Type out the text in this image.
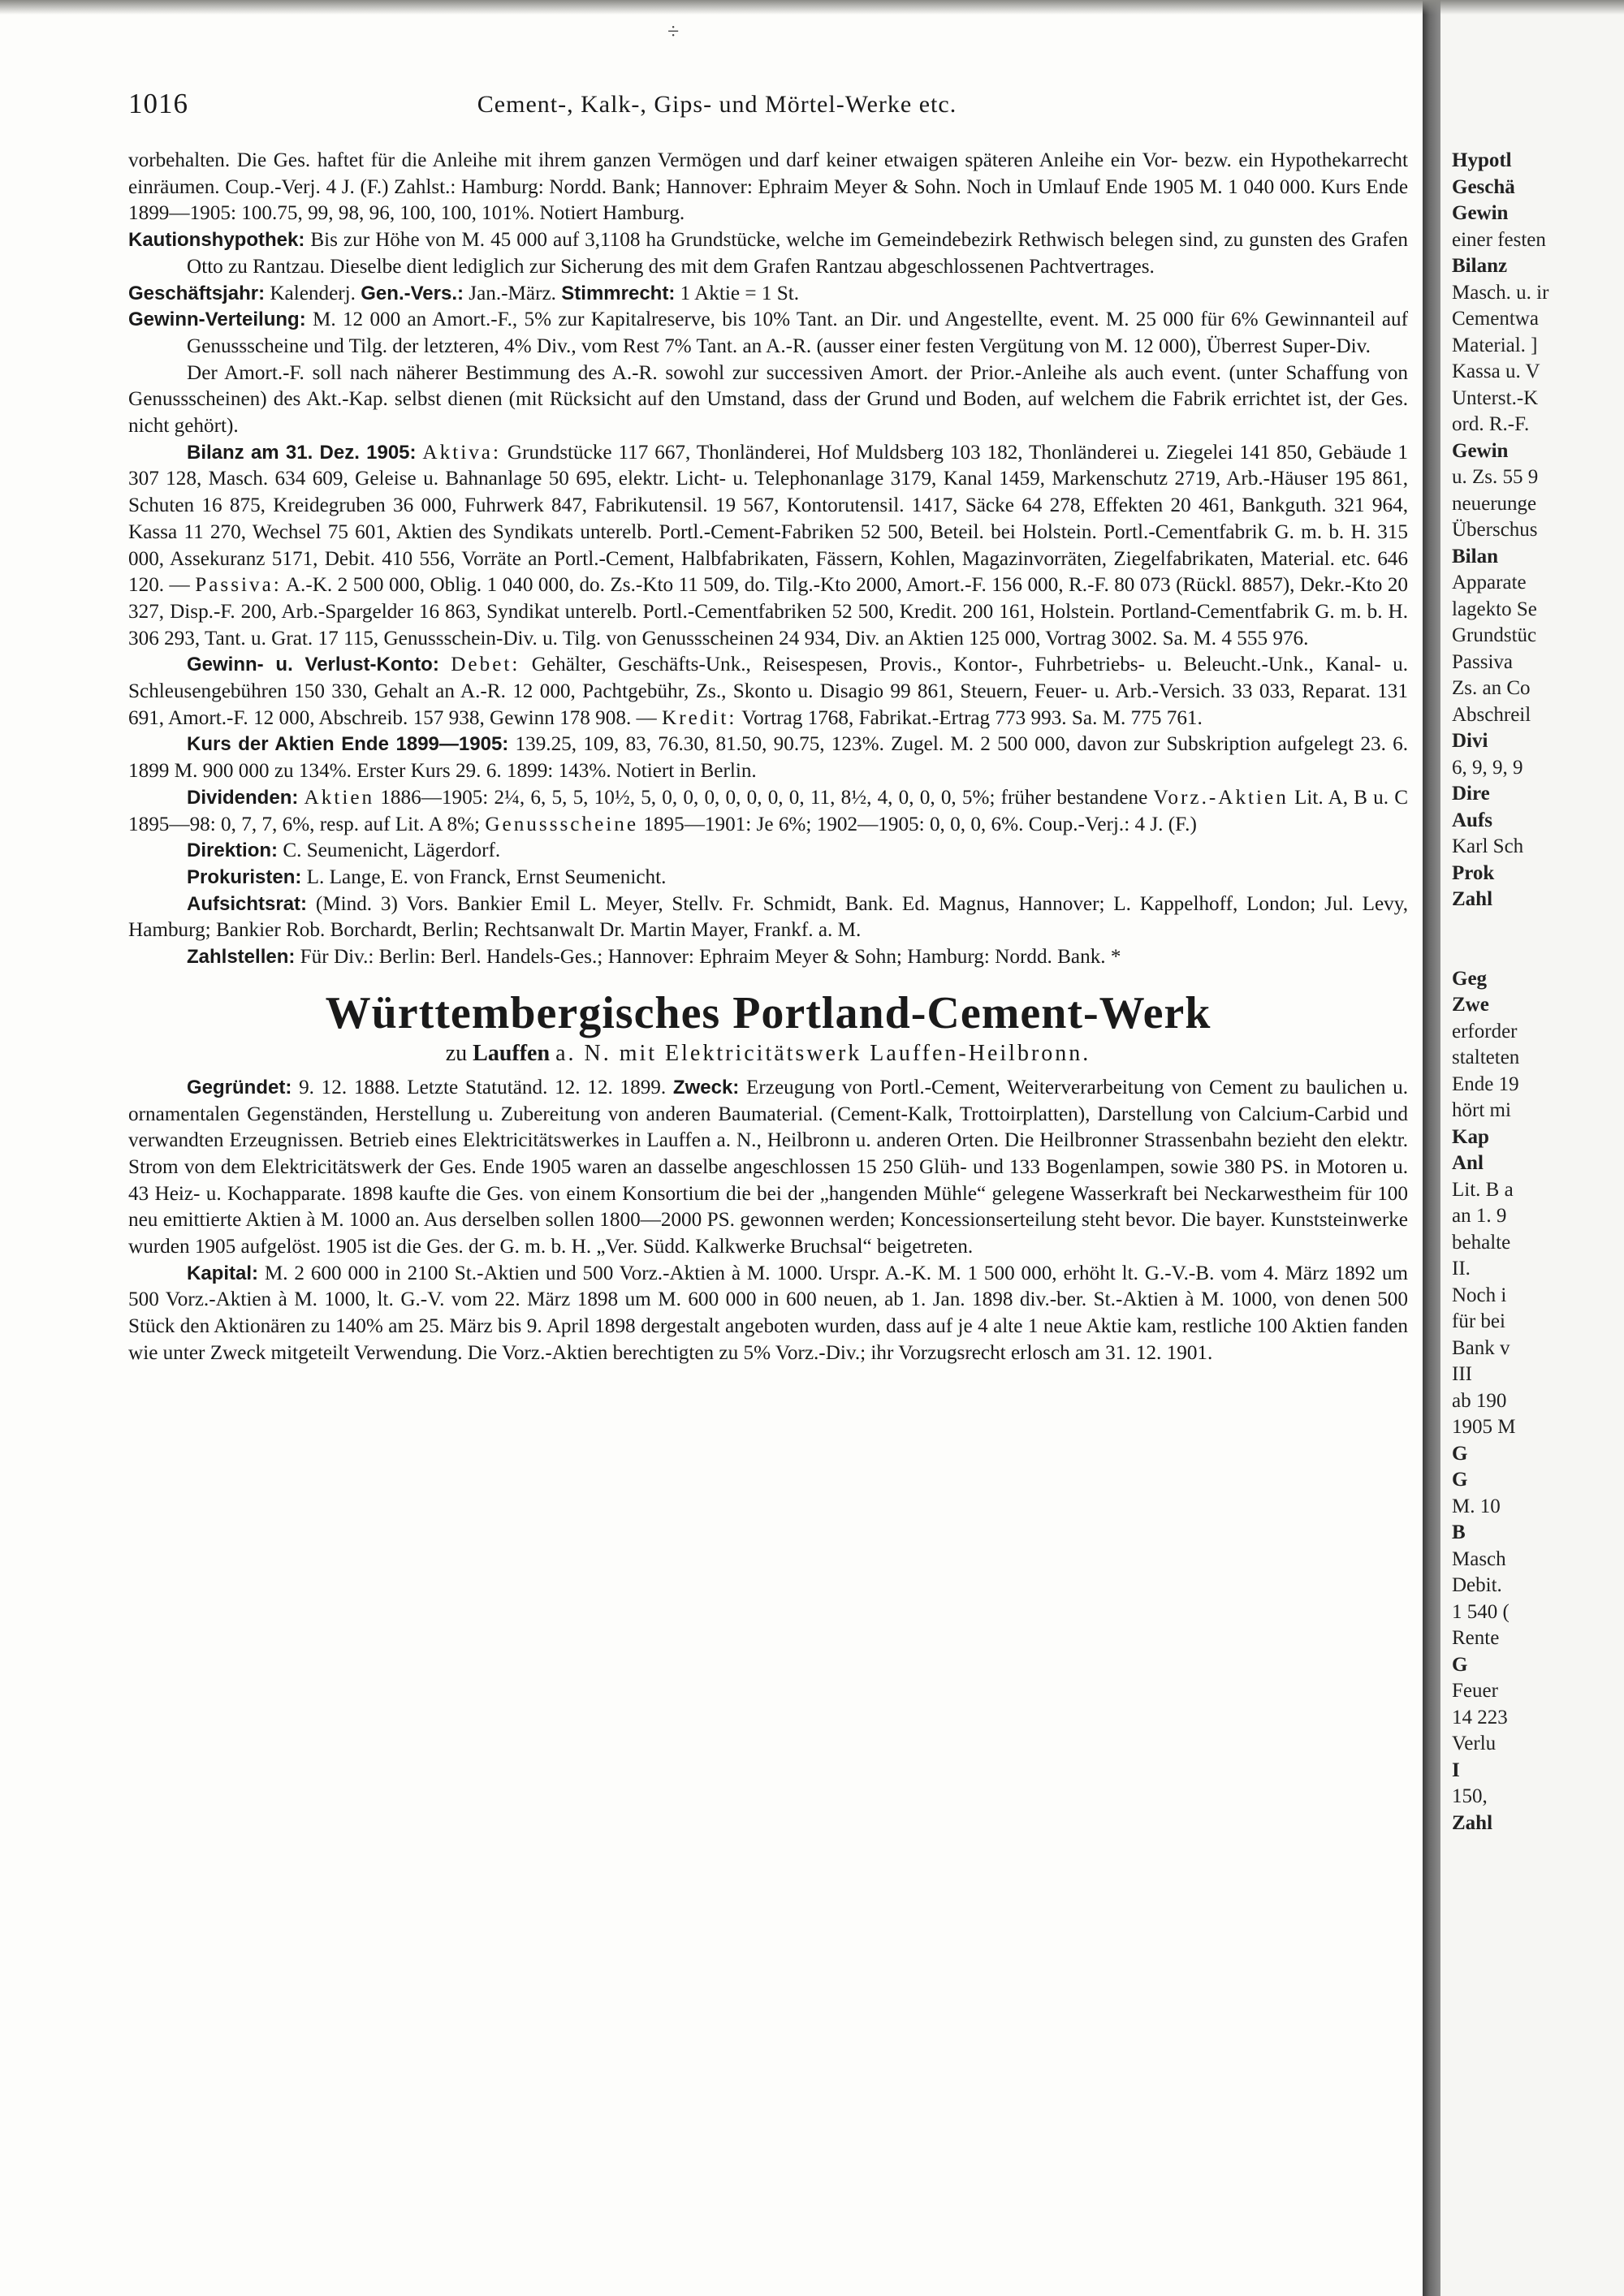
÷
1016	Cement-, Kalk-, Gips- und Mörtel-Werke etc.

vorbehalten. Die Ges. haftet für die Anleihe mit ihrem ganzen Vermögen und darf keiner etwaigen späteren Anleihe ein Vor- bezw. ein Hypothekarrecht einräumen. Coup.-Verj. 4 J. (F.) Zahlst.: Hamburg: Nordd. Bank; Hannover: Ephraim Meyer & Sohn. Noch in Umlauf Ende 1905 M. 1 040 000. Kurs Ende 1899—1905: 100.75, 99, 98, 96, 100, 100, 101%. Notiert Hamburg.

Kautionshypothek: Bis zur Höhe von M. 45 000 auf 3,1108 ha Grundstücke, welche im Gemeindebezirk Rethwisch belegen sind, zu gunsten des Grafen Otto zu Rantzau. Dieselbe dient lediglich zur Sicherung des mit dem Grafen Rantzau abgeschlossenen Pachtvertrages.

Geschäftsjahr: Kalenderj. Gen.-Vers.: Jan.-März. Stimmrecht: 1 Aktie = 1 St.

Gewinn-Verteilung: M. 12 000 an Amort.-F., 5% zur Kapitalreserve, bis 10% Tant. an Dir. und Angestellte, event. M. 25 000 für 6% Gewinnanteil auf Genussscheine und Tilg. der letzteren, 4% Div., vom Rest 7% Tant. an A.-R. (ausser einer festen Vergütung von M. 12 000), Überrest Super-Div.

Der Amort.-F. soll nach näherer Bestimmung des A.-R. sowohl zur successiven Amort. der Prior.-Anleihe als auch event. (unter Schaffung von Genussscheinen) des Akt.-Kap. selbst dienen (mit Rücksicht auf den Umstand, dass der Grund und Boden, auf welchem die Fabrik errichtet ist, der Ges. nicht gehört).

Bilanz am 31. Dez. 1905: Aktiva: Grundstücke 117 667, Thonländerei, Hof Muldsberg 103 182, Thonländerei u. Ziegelei 141 850, Gebäude 1 307 128, Masch. 634 609, Geleise u. Bahnanlage 50 695, elektr. Licht- u. Telephonanlage 3179, Kanal 1459, Markenschutz 2719, Arb.-Häuser 195 861, Schuten 16 875, Kreidegruben 36 000, Fuhrwerk 847, Fabrikutensil. 19 567, Kontorutensil. 1417, Säcke 64 278, Effekten 20 461, Bankguth. 321 964, Kassa 11 270, Wechsel 75 601, Aktien des Syndikats unterelb. Portl.-Cement-Fabriken 52 500, Beteil. bei Holstein. Portl.-Cementfabrik G. m. b. H. 315 000, Assekuranz 5171, Debit. 410 556, Vorräte an Portl.-Cement, Halbfabrikaten, Fässern, Kohlen, Magazinvorräten, Ziegelfabrikaten, Material. etc. 646 120. — Passiva: A.-K. 2 500 000, Oblig. 1 040 000, do. Zs.-Kto 11 509, do. Tilg.-Kto 2000, Amort.-F. 156 000, R.-F. 80 073 (Rückl. 8857), Dekr.-Kto 20 327, Disp.-F. 200, Arb.-Spargelder 16 863, Syndikat unterelb. Portl.-Cementfabriken 52 500, Kredit. 200 161, Holstein. Portland-Cementfabrik G. m. b. H. 306 293, Tant. u. Grat. 17 115, Genussschein-Div. u. Tilg. von Genussscheinen 24 934, Div. an Aktien 125 000, Vortrag 3002. Sa. M. 4 555 976.

Gewinn- u. Verlust-Konto: Debet: Gehälter, Geschäfts-Unk., Reisespesen, Provis., Kontor-, Fuhrbetriebs- u. Beleucht.-Unk., Kanal- u. Schleusengebühren 150 330, Gehalt an A.-R. 12 000, Pachtgebühr, Zs., Skonto u. Disagio 99 861, Steuern, Feuer- u. Arb.-Versich. 33 033, Reparat. 131 691, Amort.-F. 12 000, Abschreib. 157 938, Gewinn 178 908. — Kredit: Vortrag 1768, Fabrikat.-Ertrag 773 993. Sa. M. 775 761.

Kurs der Aktien Ende 1899—1905: 139.25, 109, 83, 76.30, 81.50, 90.75, 123%. Zugel. M. 2 500 000, davon zur Subskription aufgelegt 23. 6. 1899 M. 900 000 zu 134%. Erster Kurs 29. 6. 1899: 143%. Notiert in Berlin.

Dividenden: Aktien 1886—1905: 2¼, 6, 5, 5, 10½, 5, 0, 0, 0, 0, 0, 0, 0, 11, 8½, 4, 0, 0, 0, 5%; früher bestandene Vorz.-Aktien Lit. A, B u. C 1895—98: 0, 7, 7, 6%, resp. auf Lit. A 8%; Genussscheine 1895—1901: Je 6%; 1902—1905: 0, 0, 0, 6%. Coup.-Verj.: 4 J. (F.)

Direktion: C. Seumenicht, Lägerdorf.

Prokuristen: L. Lange, E. von Franck, Ernst Seumenicht.

Aufsichtsrat: (Mind. 3) Vors. Bankier Emil L. Meyer, Stellv. Fr. Schmidt, Bank. Ed. Magnus, Hannover; L. Kappelhoff, London; Jul. Levy, Hamburg; Bankier Rob. Borchardt, Berlin; Rechtsanwalt Dr. Martin Mayer, Frankf. a. M.

Zahlstellen: Für Div.: Berlin: Berl. Handels-Ges.; Hannover: Ephraim Meyer & Sohn; Hamburg: Nordd. Bank. *

Württembergisches Portland-Cement-Werk
zu Lauffen a. N. mit Elektricitätswerk Lauffen-Heilbronn.

Gegründet: 9. 12. 1888. Letzte Statutänd. 12. 12. 1899. Zweck: Erzeugung von Portl.-Cement, Weiterverarbeitung von Cement zu baulichen u. ornamentalen Gegenständen, Herstellung u. Zubereitung von anderen Baumaterial. (Cement-Kalk, Trottoirplatten), Darstellung von Calcium-Carbid und verwandten Erzeugnissen. Betrieb eines Elektricitätswerkes in Lauffen a. N., Heilbronn u. anderen Orten. Die Heilbronner Strassenbahn bezieht den elektr. Strom von dem Elektricitätswerk der Ges. Ende 1905 waren an dasselbe angeschlossen 15 250 Glüh- und 133 Bogenlampen, sowie 380 PS. in Motoren u. 43 Heiz- u. Kochapparate. 1898 kaufte die Ges. von einem Konsortium die bei der „hangenden Mühle“ gelegene Wasserkraft bei Neckarwestheim für 100 neu emittierte Aktien à M. 1000 an. Aus derselben sollen 1800—2000 PS. gewonnen werden; Koncessionserteilung steht bevor. Die bayer. Kunststeinwerke wurden 1905 aufgelöst. 1905 ist die Ges. der G. m. b. H. „Ver. Südd. Kalkwerke Bruchsal“ beigetreten.

Kapital: M. 2 600 000 in 2100 St.-Aktien und 500 Vorz.-Aktien à M. 1000. Urspr. A.-K. M. 1 500 000, erhöht lt. G.-V.-B. vom 4. März 1892 um 500 Vorz.-Aktien à M. 1000, lt. G.-V. vom 22. März 1898 um M. 600 000 in 600 neuen, ab 1. Jan. 1898 div.-ber. St.-Aktien à M. 1000, von denen 500 Stück den Aktionären zu 140% am 25. März bis 9. April 1898 dergestalt angeboten wurden, dass auf je 4 alte 1 neue Aktie kam, restliche 100 Aktien fanden wie unter Zweck mitgeteilt Verwendung. Die Vorz.-Aktien berechtigten zu 5% Vorz.-Div.; ihr Vorzugsrecht erlosch am 31. 12. 1901.

Hypotl
Geschä
Gewin
einer festen
Bilanz
Masch. u. ir
Cementwa
Material. ]
Kassa u. V
Unterst.-K
ord. R.-F.
Gewin
u. Zs. 55 9
neuerunge
Überschus
Bilan
Apparate
lagekto Se
Grundstüc
Passiva
Zs. an Co
Abschreil
Divi
6, 9, 9, 9
Dire
Aufs
Karl Sch
Prok
Zahl
Geg
Zwe
erforder
stalteten
Ende 19
hört mi
Kap
Anl
Lit. B a
an 1. 9
behalte
II.
Noch i
für bei
Bank v
III
ab 190
1905 M
G
G
M. 10
B
Masch
Debit.
1 540 (
Rente
G
Feuer
14 223
Verlu
I
150,
Zahl
